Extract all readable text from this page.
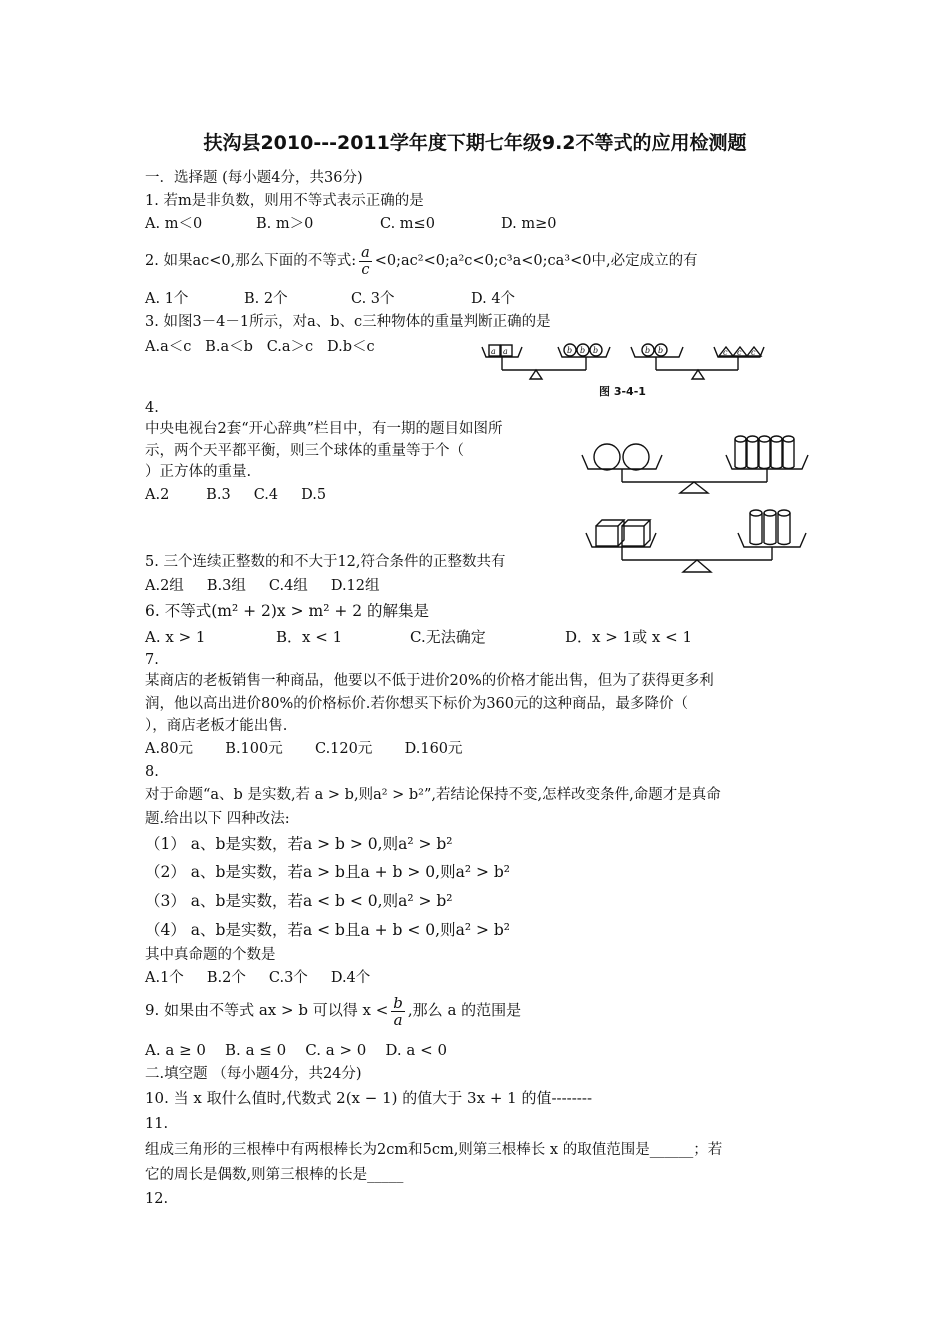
扶沟县2010---2011学年度下期七年级9.2不等式的应用检测题
一．选择题 (每小题4分，共36分)
1. 若m是非负数，则用不等式表示正确的是
A. m＜0	B. m＞0	C. m≤0	D. m≥0
2. 如果ac<0,那么下面的不等式: $\frac{a}{c}$ <0;ac²<0;a²c<0;c³a<0;ca³<0中,必定成立的有
A. 1个	B. 2个	C. 3个	D. 4个
3. 如图3－4－1所示，对a、b、c三种物体的重量判断正确的是
A.a＜c   B.a＜b   C.a＞c   D.b＜c	a a	b b b	b b	c c c
图 3-4-1
4.
中央电视台2套“开心辞典”栏目中，有一期的题目如图所
示，两个天平都平衡，则三个球体的重量等于个（
）正方体的重量.
A.2        B.3     C.4     D.5
5. 三个连续正整数的和不大于12,符合条件的正整数共有
A.2组     B.3组     C.4组     D.12组
6. 不等式(m² + 2)x > m² + 2 的解集是
A. x > 1	B．x < 1	C.无法确定	D．x > 1或 x < 1
7.
某商店的老板销售一种商品，他要以不低于进价20%的价格才能出售，但为了获得更多利
润，他以高出进价80%的价格标价.若你想买下标价为360元的这种商品，最多降价（
），商店老板才能出售.
A.80元       B.100元       C.120元       D.160元
8.
对于命题“a、b 是实数,若 a > b,则a² > b²”,若结论保持不变,怎样改变条件,命题才是真命
题.给出以下 四种改法:
（1） a、b是实数，若a > b > 0,则a² > b²
（2） a、b是实数，若a > b且a + b > 0,则a² > b²
（3） a、b是实数，若a < b < 0,则a² > b²
（4） a、b是实数，若a < b且a + b < 0,则a² > b²
其中真命题的个数是
A.1个     B.2个     C.3个     D.4个
9. 如果由不等式 ax > b 可以得 $x < \frac{b}{a}$ ,那么 a 的范围是
A. a ≥ 0    B. a ≤ 0    C. a > 0    D. a < 0
二.填空题 （每小题4分，共24分)
10. 当 x 取什么值时,代数式 2(x − 1) 的值大于 3x + 1 的值--------
11.
组成三角形的三根棒中有两根棒长为2cm和5cm,则第三根棒长 x 的取值范围是______；若
它的周长是偶数,则第三根棒的长是_____
12.
